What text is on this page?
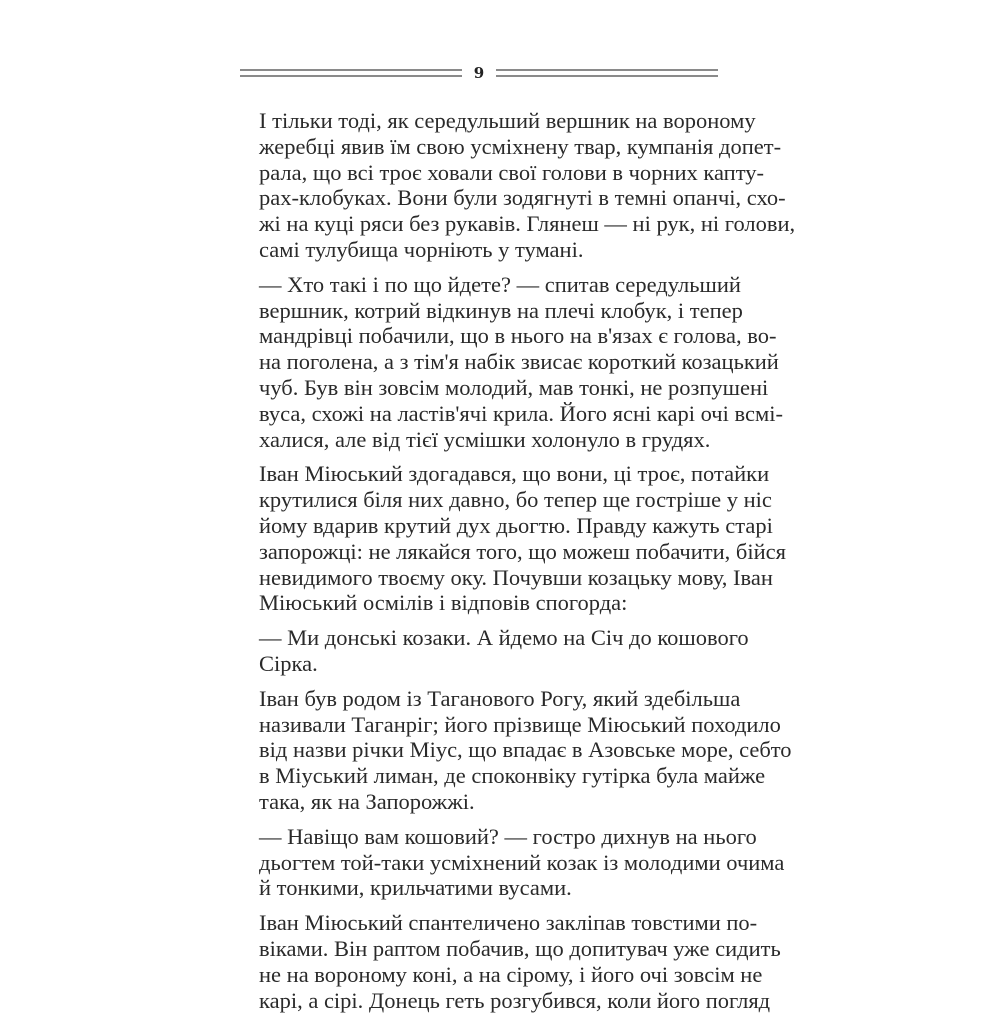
9
І тільки тоді, як середульший вершник на вороному
жеребці явив їм свою усміхнену твар, кумпанія допет-
рала, що всі троє ховали свої голови в чорних капту-
рах-клобуках. Вони були зодягнуті в темні опанчі, схо-
жі на куці ряси без рукавів. Глянеш — ні рук, ні голови,
самі тулубища чорніють у тумані.
— Хто такі і по що йдете? — спитав середульший
вершник, котрий відкинув на плечі клобук, і тепер
мандрівці побачили, що в нього на в'язах є голова, во-
на поголена, а з тім'я набік звисає короткий козацький
чуб. Був він зовсім молодий, мав тонкі, не розпушені
вуса, схожі на ластів'ячі крила. Його ясні карі очі всмі-
халися, але від тієї усмішки холонуло в грудях.
Іван Міюський здогадався, що вони, ці троє, потайки
крутилися біля них давно, бо тепер ще гостріше у ніс
йому вдарив крутий дух дьогтю. Правду кажуть старі
запорожці: не лякайся того, що можеш побачити, бійся
невидимого твоєму оку. Почувши козацьку мову, Іван
Міюський осмілів і відповів спогорда:
— Ми донські козаки. А йдемо на Січ до кошового
Сірка.
Іван був родом із Таганового Рогу, який здебільша
називали Таганріг; його прізвище Міюський походило
від назви річки Міус, що впадає в Азовське море, себто
в Міуський лиман, де споконвіку гутірка була майже
така, як на Запорожжі.
— Навіщо вам кошовий? — гостро дихнув на нього
дьогтем той-таки усміхнений козак із молодими очима
й тонкими, крильчатими вусами.
Іван Міюський спантеличено закліпав товстими по-
віками. Він раптом побачив, що допитувач уже сидить
не на вороному коні, а на сірому, і його очі зовсім не
карі, а сірі. Донець геть розгубився, коли його погляд
